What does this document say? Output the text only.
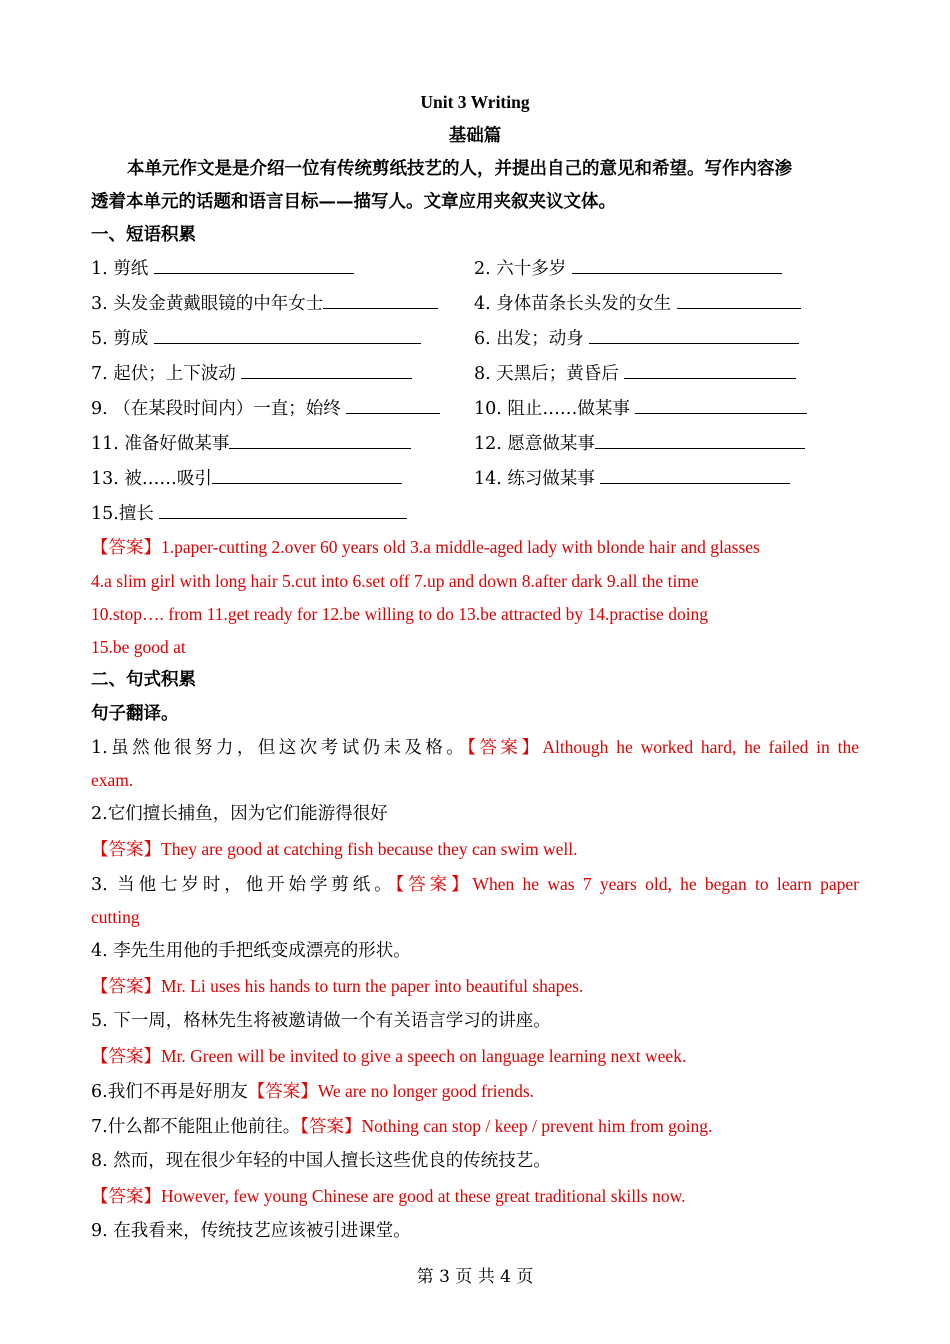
Unit 3 Writing
基础篇
本单元作文是是介绍一位有传统剪纸技艺的人，并提出自己的意见和希望。写作内容渗
透着本单元的话题和语言目标——描写人。文章应用夹叙夹议文体。
一、短语积累
1. 剪纸	2. 六十多岁
3. 头发金黄戴眼镜的中年女士	4. 身体苗条长头发的女生
5. 剪成	6. 出发；动身
7. 起伏；上下波动	8. 天黑后；黄昏后
9. （在某段时间内）一直；始终	10. 阻止……做某事
11. 准备好做某事	12. 愿意做某事
13. 被……吸引	14. 练习做某事
15.擅长
【答案】1.paper-cutting 2.over 60 years old 3.a middle-aged lady with blonde hair and glasses
4.a slim girl with long hair 5.cut into 6.set off 7.up and down 8.after dark 9.all the time
10.stop…. from 11.get ready for 12.be willing to do 13.be attracted by 14.practise doing
15.be good at
二、句式积累
句子翻译。
1.虽然他很努力，但这次考试仍未及格。【答案】Although he worked hard, he failed in the
exam.
2.它们擅长捕鱼，因为它们能游得很好
【答案】They are good at catching fish because they can swim well.
3. 当他七岁时，他开始学剪纸。【答案】When he was 7 years old, he began to learn paper
cutting
4. 李先生用他的手把纸变成漂亮的形状。
【答案】Mr. Li uses his hands to turn the paper into beautiful shapes.
5. 下一周，格林先生将被邀请做一个有关语言学习的讲座。
【答案】Mr. Green will be invited to give a speech on language learning next week.
6.我们不再是好朋友【答案】We are no longer good friends.
7.什么都不能阻止他前往。【答案】Nothing can stop / keep / prevent him from going.
8. 然而，现在很少年轻的中国人擅长这些优良的传统技艺。
【答案】However, few young Chinese are good at these great traditional skills now.
9. 在我看来，传统技艺应该被引进课堂。
第 3 页 共 4 页
